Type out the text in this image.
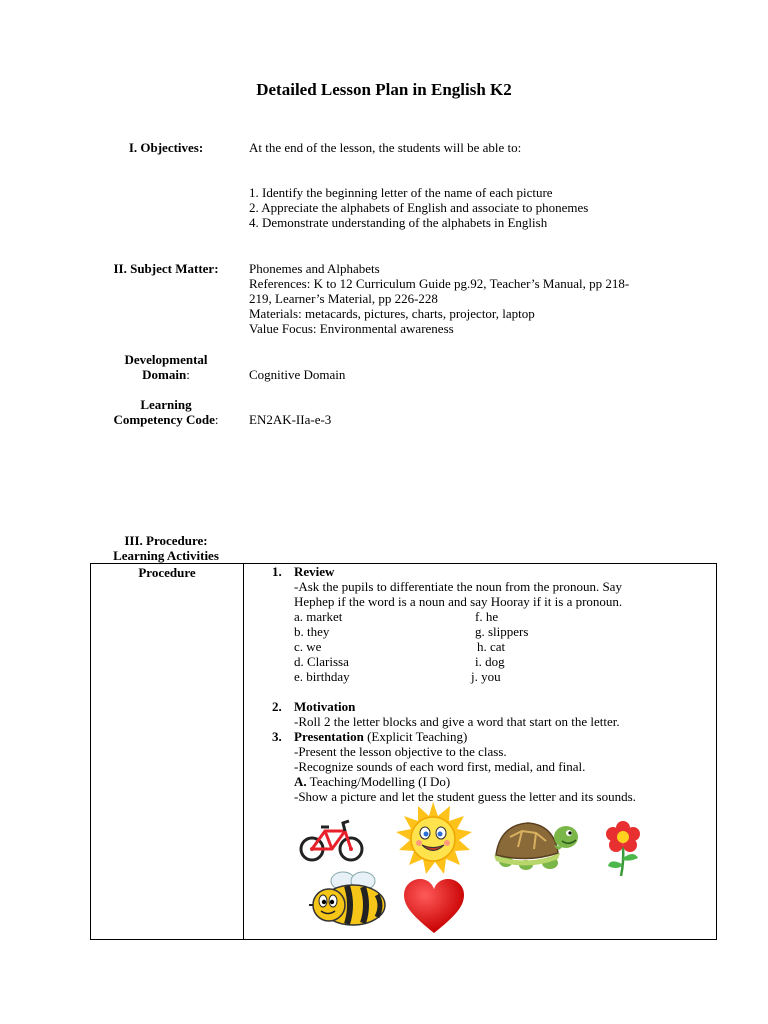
Detailed Lesson Plan in English K2
I. Objectives:	At the end of the lesson, the students will be able to:
1. Identify the beginning letter of the name of each picture
2. Appreciate the alphabets of English and associate to phonemes
4. Demonstrate understanding of the alphabets in English
II. Subject Matter:	Phonemes and Alphabets
References: K to 12 Curriculum Guide pg.92, Teacher’s Manual, pp 218-
219, Learner’s Material, pp 226-228
Materials: metacards, pictures, charts, projector, laptop
Value Focus: Environmental awareness
Developmental
Domain:	Cognitive Domain
Learning
Competency Code:	EN2AK-IIa-e-3
III. Procedure:
Learning Activities
Procedure	1. Review
-Ask the pupils to differentiate the noun from the pronoun. Say
Hephep if the word is a noun and say Hooray if it is a pronoun.
a. market
b. they
c. we
d. Clarissa
e. birthday
f. he
g. slippers
h. cat
i. dog
j. you
2. Motivation
-Roll 2 the letter blocks and give a word that start on the letter.
3. Presentation (Explicit Teaching)
-Present the lesson objective to the class.
-Recognize sounds of each word first, medial, and final.
A. Teaching/Modelling (I Do)
-Show a picture and let the student guess the letter and its sounds.
